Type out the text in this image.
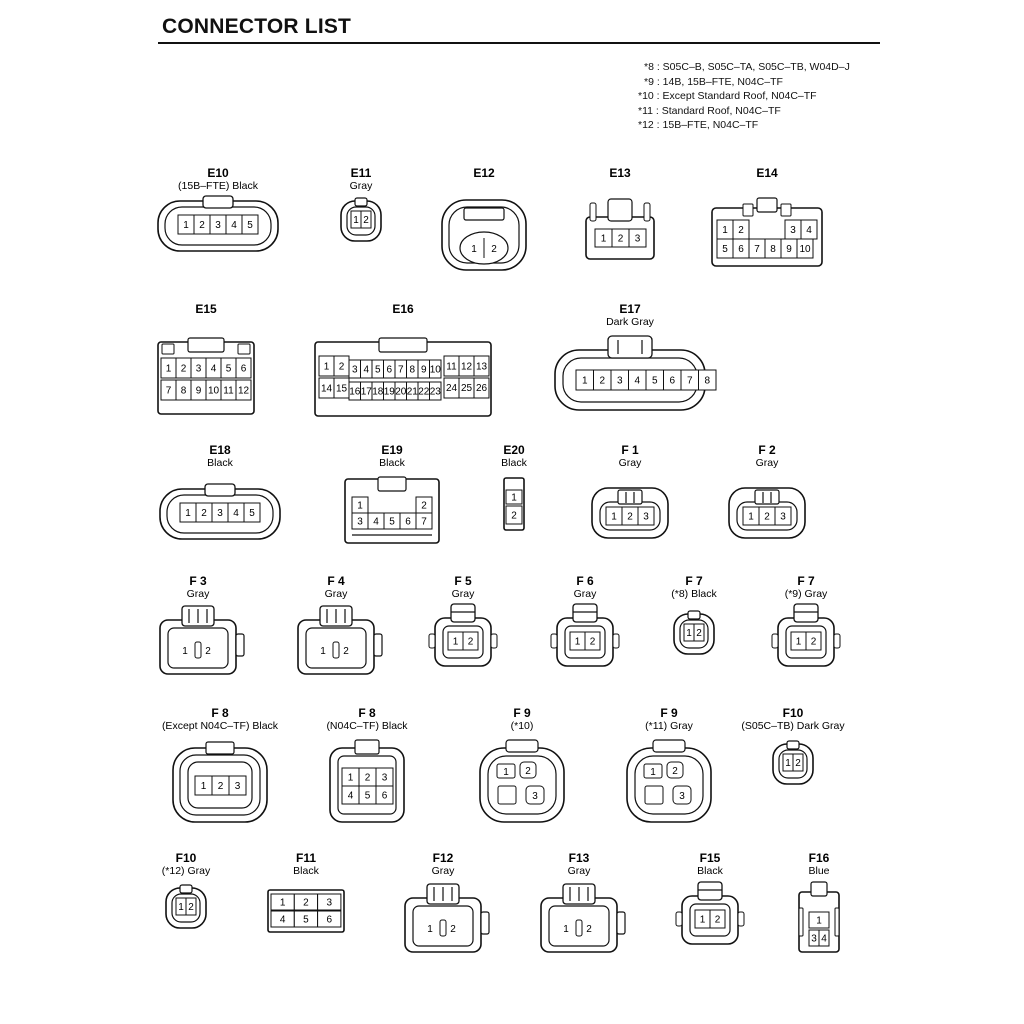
CONNECTOR LIST
*8 : S05C–B, S05C–TA, S05C–TB, W04D–J
*9 : 14B, 15B–FTE, N04C–TF
*10 : Except Standard Roof, N04C–TF
*11 : Standard Roof, N04C–TF
*12 : 15B–FTE, N04C–TF
E10
(15B–FTE) Black
1 2 3 4 5
E11
Gray
1 2
E12
1 2
E13
1 2 3
E14
1 2	3 4
5 6 7 8 9 10
E15
1 2 3 4 5 6
7 8 9 10 11 12
E16
1 2 3 4 5 6 7 8 9 10 11 12 13
14 15 16 17 18 19 20 21 22 23 24 25 26
E17
Dark Gray
1 2 3 4 5 6 7 8
E18
Black
1 2 3 4 5
E19
Black
1	2
3 4 5 6 7
E20
Black
1
2
F 1
Gray
1 2 3
F 2
Gray
1 2 3
F 3
Gray
1 2
F 4
Gray
1 2
F 5
Gray
1 2
F 6
Gray
1 2
F 7
(*8) Black
1 2
F 7
(*9) Gray
1 2
F 8
(Except N04C–TF) Black
1 2 3
F 8
(N04C–TF) Black
1 2 3
4 5 6
F 9
(*10)
1 2
3
F 9
(*11) Gray
1 2
3
F10
(S05C–TB) Dark Gray
1 2
F10
(*12) Gray
1 2
F11
Black
1 2 3
4 5 6
F12
Gray
1 2
F13
Gray
1 2
F15
Black
1 2
F16
Blue
1
3 4
